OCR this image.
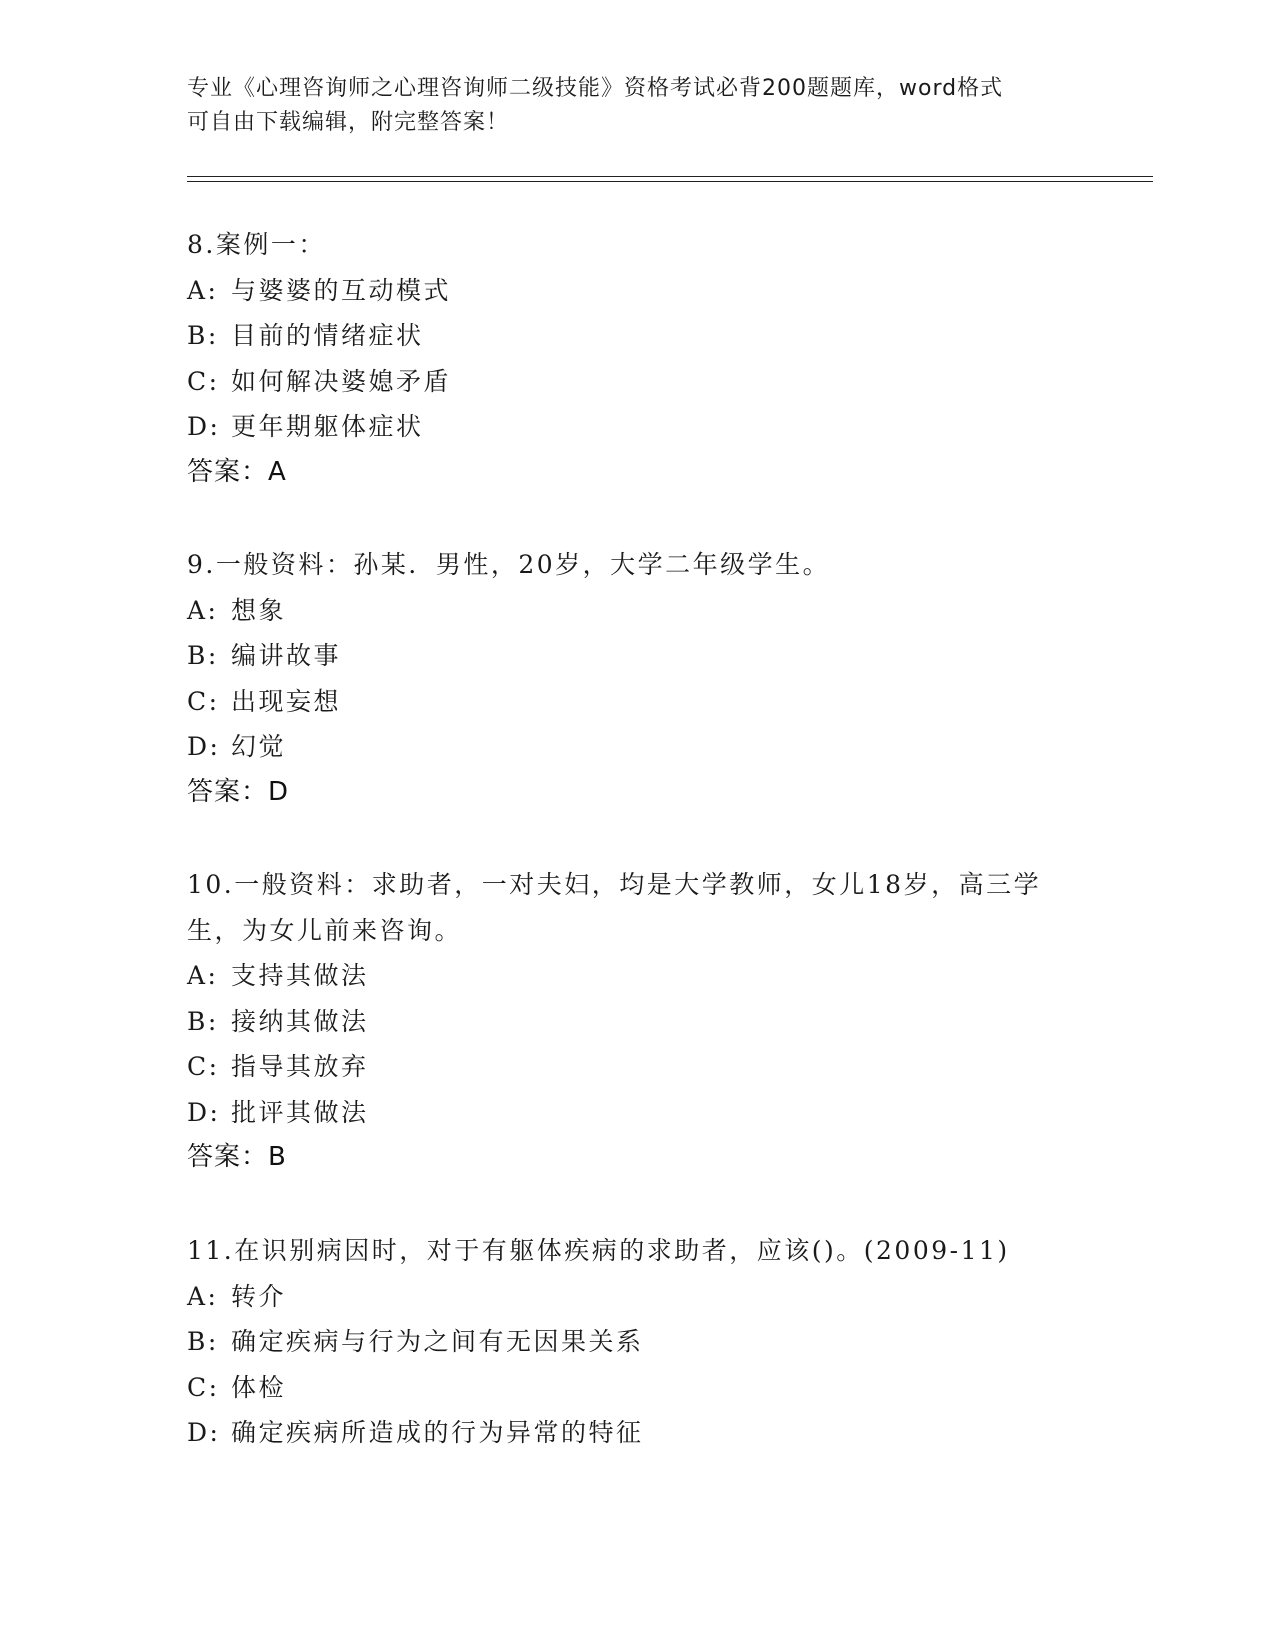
专业《心理咨询师之心理咨询师二级技能》资格考试必背200题题库，word格式
可自由下载编辑，附完整答案！
8.案例一：
A: 与婆婆的互动模式
B: 目前的情绪症状
C: 如何解决婆媳矛盾
D: 更年期躯体症状
答案：A
9.一般资料：孙某．男性，20岁，大学二年级学生。
A: 想象
B: 编讲故事
C: 出现妄想
D: 幻觉
答案：D
10.一般资料：求助者，一对夫妇，均是大学教师，女儿18岁，高三学生，为女儿前来咨询。
A: 支持其做法
B: 接纳其做法
C: 指导其放弃
D: 批评其做法
答案：B
11.在识别病因时，对于有躯体疾病的求助者，应该()。(2009-11)
A: 转介
B: 确定疾病与行为之间有无因果关系
C: 体检
D: 确定疾病所造成的行为异常的特征
